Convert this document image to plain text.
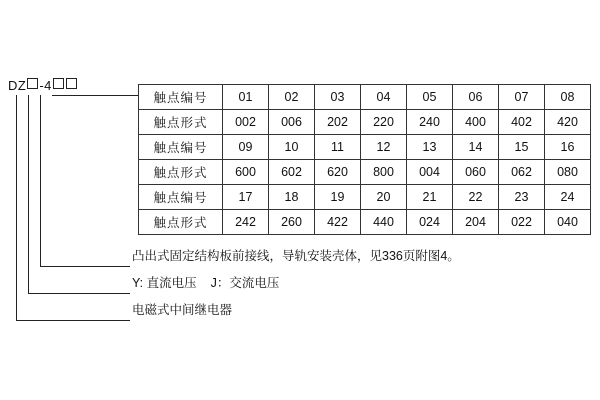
DZ -4
触点编号	01	02	03	04	05	06	07	08
触点形式	002	006	202	220	240	400	402	420
触点编号	09	10	11	12	13	14	15	16
触点形式	600	602	620	800	004	060	062	080
触点编号	17	18	19	20	21	22	23	24
触点形式	242	260	422	440	024	204	022	040
凸出式固定结构板前接线，导轨安装壳体，见336页附图4。
Y: 直流电压 J：交流电压
电磁式中间继电器
